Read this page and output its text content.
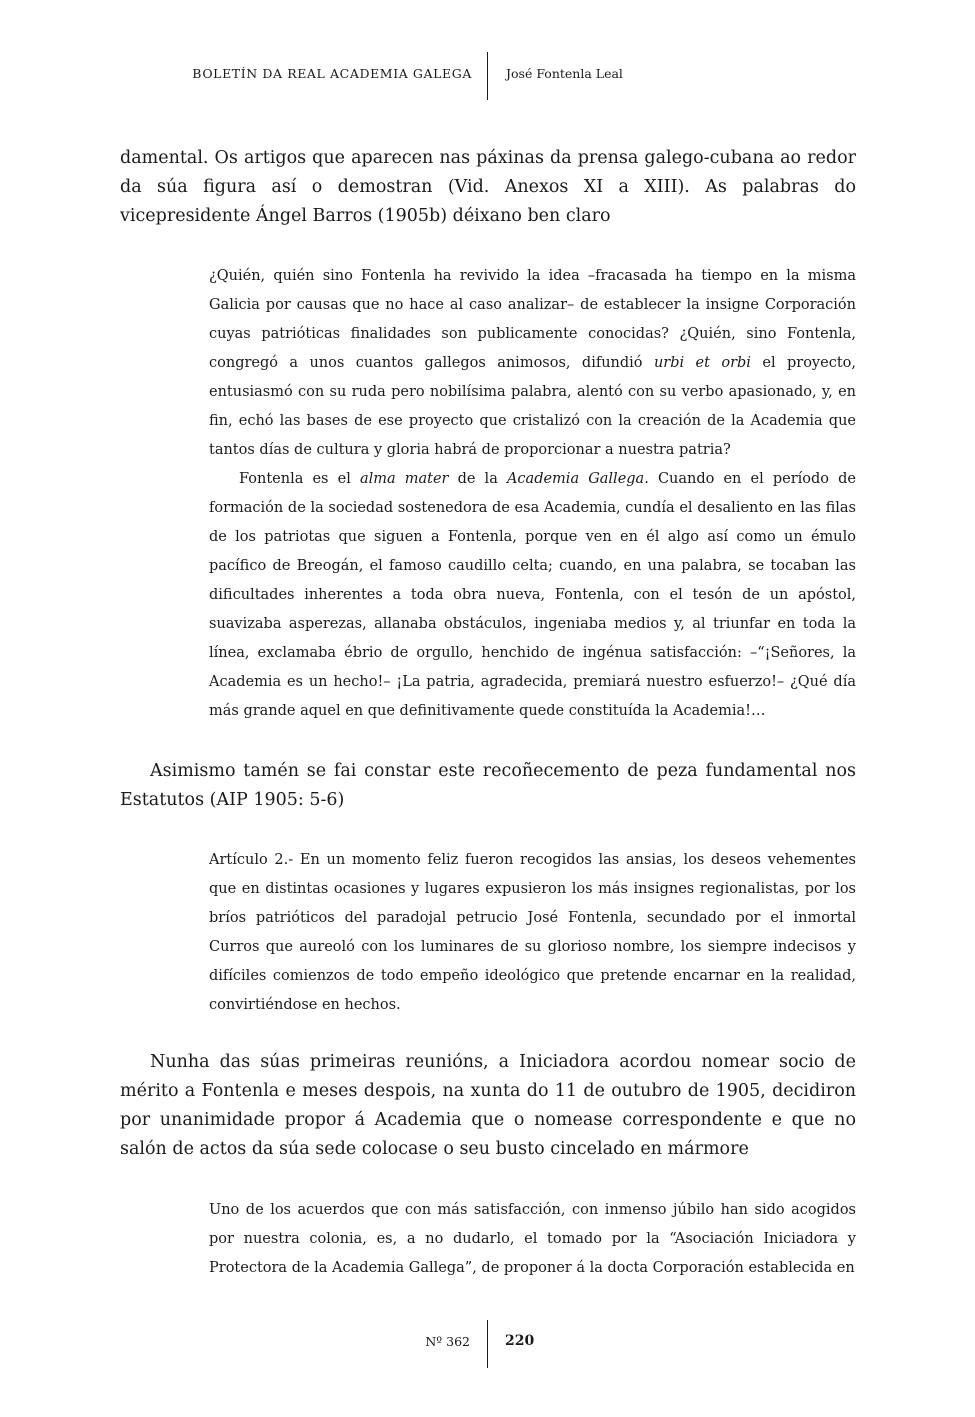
BOLETÍN DA REAL ACADEMIA GALEGA	José Fontenla Leal

damental. Os artigos que aparecen nas páxinas da prensa galego-cubana ao redor da súa figura así o demostran (Vid. Anexos XI a XIII). As palabras do vicepresidente Ángel Barros (1905b) déixano ben claro

¿Quién, quién sino Fontenla ha revivido la idea –fracasada ha tiempo en la misma Galicia por causas que no hace al caso analizar– de establecer la insigne Corporación cuyas patrióticas finalidades son publicamente conocidas? ¿Quién, sino Fontenla, congregó a unos cuantos gallegos animosos, difundió urbi et orbi el proyecto, entusiasmó con su ruda pero nobilísima palabra, alentó con su verbo apasionado, y, en fin, echó las bases de ese proyecto que cristalizó con la creación de la Academia que tantos días de cultura y gloria habrá de proporcionar a nuestra patria?

Fontenla es el alma mater de la Academia Gallega. Cuando en el período de formación de la sociedad sostenedora de esa Academia, cundía el desaliento en las filas de los patriotas que siguen a Fontenla, porque ven en él algo así como un émulo pacífico de Breogán, el famoso caudillo celta; cuando, en una palabra, se tocaban las dificultades inherentes a toda obra nueva, Fontenla, con el tesón de un apóstol, suavizaba asperezas, allanaba obstáculos, ingeniaba medios y, al triunfar en toda la línea, exclamaba ébrio de orgullo, henchido de ingénua satisfacción: –“¡Señores, la Academia es un hecho!– ¡La patria, agradecida, premiará nuestro esfuerzo!– ¿Qué día más grande aquel en que definitivamente quede constituída la Academia!…

Asimismo tamén se fai constar este recoñecemento de peza fundamental nos Estatutos (AIP 1905: 5-6)

Artículo 2.- En un momento feliz fueron recogidos las ansias, los deseos vehementes que en distintas ocasiones y lugares expusieron los más insignes regionalistas, por los bríos patrióticos del paradojal petrucio José Fontenla, secundado por el inmortal Curros que aureoló con los luminares de su glorioso nombre, los siempre indecisos y difíciles comienzos de todo empeño ideológico que pretende encarnar en la realidad, convirtiéndose en hechos.

Nunha das súas primeiras reunións, a Iniciadora acordou nomear socio de mérito a Fontenla e meses despois, na xunta do 11 de outubro de 1905, decidiron por unanimidade propor á Academia que o nomease correspondente e que no salón de actos da súa sede colocase o seu busto cincelado en mármore

Uno de los acuerdos que con más satisfacción, con inmenso júbilo han sido acogidos por nuestra colonia, es, a no dudarlo, el tomado por la “Asociación Iniciadora y Protectora de la Academia Gallega”, de proponer á la docta Corporación establecida en

Nº 362	220
